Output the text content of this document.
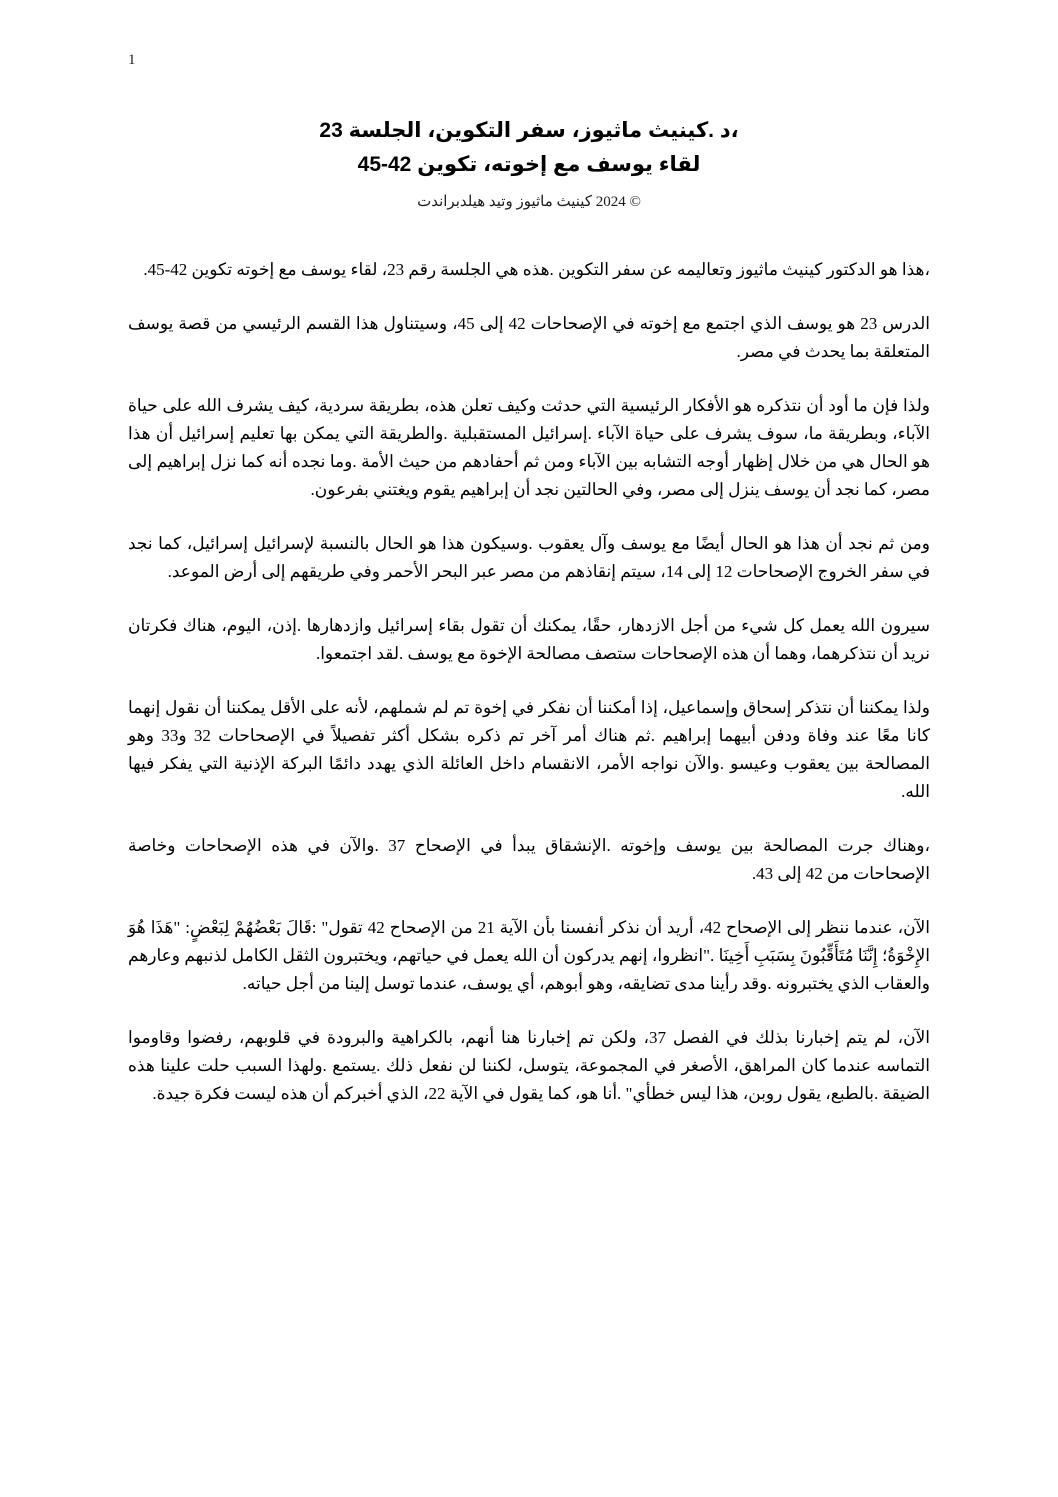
1
،د .كينيث ماثيوز، سفر التكوين، الجلسة 23
لقاء يوسف مع إخوته، تكوين 42-45
© 2024 كينيث ماثيوز وتيد هيلدبراندت

،هذا هو الدكتور كينيث ماثيوز وتعاليمه عن سفر التكوين .هذه هي الجلسة رقم 23، لقاء يوسف مع إخوته تكوين 42-45.

الدرس 23 هو يوسف الذي اجتمع مع إخوته في الإصحاحات 42 إلى 45، وسيتناول هذا القسم الرئيسي من قصة يوسف المتعلقة بما يحدث في مصر.

ولذا فإن ما أود أن نتذكره هو الأفكار الرئيسية التي حدثت وكيف تعلن هذه، بطريقة سردية، كيف يشرف الله على حياة الآباء، وبطريقة ما، سوف يشرف على حياة الآباء .إسرائيل المستقبلية .والطريقة التي يمكن بها تعليم إسرائيل أن هذا هو الحال هي من خلال إظهار أوجه التشابه بين الآباء ومن ثم أحفادهم من حيث الأمة .وما نجده أنه كما نزل إبراهيم إلى مصر، كما نجد أن يوسف ينزل إلى مصر، وفي الحالتين نجد أن إبراهيم يقوم ويغتني بفرعون.

ومن ثم نجد أن هذا هو الحال أيضًا مع يوسف وآل يعقوب .وسيكون هذا هو الحال بالنسبة لإسرائيل إسرائيل، كما نجد في سفر الخروج الإصحاحات 12 إلى 14، سيتم إنقاذهم من مصر عبر البحر الأحمر وفي طريقهم إلى أرض الموعد.

سيرون الله يعمل كل شيء من أجل الازدهار، حقًا، يمكنك أن تقول بقاء إسرائيل وازدهارها .إذن، اليوم، هناك فكرتان نريد أن نتذكرهما، وهما أن هذه الإصحاحات ستصف مصالحة الإخوة مع يوسف .لقد اجتمعوا.

ولذا يمكننا أن نتذكر إسحاق وإسماعيل، إذا أمكننا أن نفكر في إخوة تم لم شملهم، لأنه على الأقل يمكننا أن نقول إنهما كانا معًا عند وفاة ودفن أبيهما إبراهيم .ثم هناك أمر آخر تم ذكره بشكل أكثر تفصيلاً في الإصحاحات 32 و33 وهو المصالحة بين يعقوب وعيسو .والآن نواجه الأمر، الانقسام داخل العائلة الذي يهدد دائمًا البركة الإذنية التي يفكر فيها الله.

،وهناك جرت المصالحة بين يوسف وإخوته .الإنشقاق يبدأ في الإصحاح 37 .والآن في هذه الإصحاحات وخاصة الإصحاحات من 42 إلى 43.

الآن، عندما ننظر إلى الإصحاح 42، أريد أن نذكر أنفسنا بأن الآية 21 من الإصحاح 42 تقول" :قَالَ بَعْضُهُمْ لِبَعْضٍ: "هَذَا هُوَ الإِخْوَةُ؛ إِنَّنَا مُتَأَقِّبُونَ بِسَبَبِ أَخِينَا ."انظروا، إنهم يدركون أن الله يعمل في حياتهم، ويختبرون الثقل الكامل لذنبهم وعارهم والعقاب الذي يختبرونه .وقد رأينا مدى تضايقه، وهو أبوهم، أي يوسف، عندما توسل إلينا من أجل حياته.

الآن، لم يتم إخبارنا بذلك في الفصل 37، ولكن تم إخبارنا هنا أنهم، بالكراهية والبرودة في قلوبهم، رفضوا وقاوموا التماسه عندما كان المراهق، الأصغر في المجموعة، يتوسل، لكننا لن نفعل ذلك .يستمع .ولهذا السبب حلت علينا هذه الضيقة .بالطبع، يقول روبن، هذا ليس خطأي" .أنا هو، كما يقول في الآية 22، الذي أخبركم أن هذه ليست فكرة جيدة.
